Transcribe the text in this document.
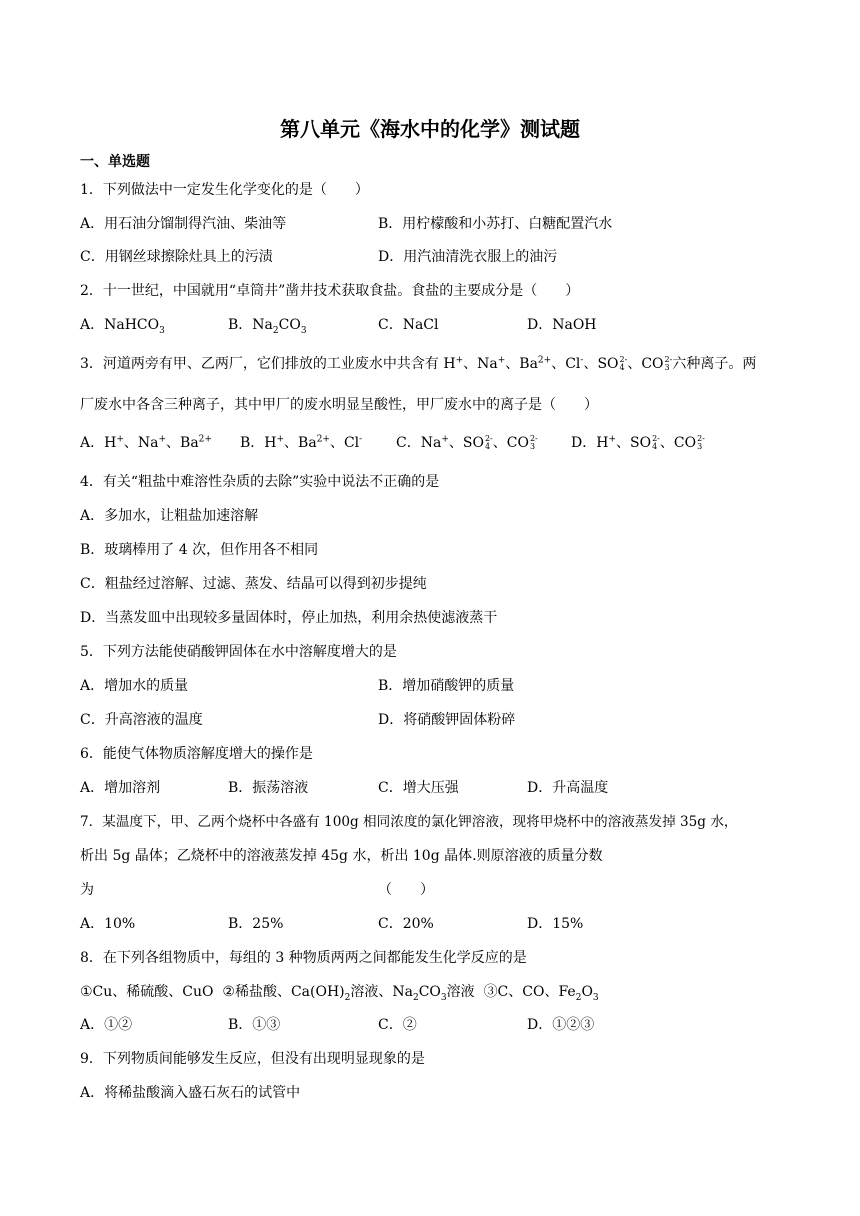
第八单元《海水中的化学》测试题
一、单选题
1．下列做法中一定发生化学变化的是（　　）
A．用石油分馏制得汽油、柴油等	B．用柠檬酸和小苏打、白糖配置汽水
C．用钢丝球擦除灶具上的污渍	D．用汽油清洗衣服上的油污
2．十一世纪，中国就用“卓筒井”凿井技术获取食盐。食盐的主要成分是（　　）
A．NaHCO$_3$	B．$Na_2CO_3$	C．NaCl	D．NaOH
3．河道两旁有甲、乙两厂，它们排放的工业废水中共含有 H+、Na+、$Ba^{2+}$、Cl-、SO 2-
4 、CO 2-
3 六种离子。两
厂废水中各含三种离子，其中甲厂的废水明显呈酸性，甲厂废水中的离子是（　　）
A．H+、Na+、$Ba^{2+}$ B．H+、$Ba^{2+}$、Cl- C．Na+、SO 2-
4 、CO 2-
3	D．H+、SO 2-
4 、CO 2-
3
4．有关“粗盐中难溶性杂质的去除”实验中说法不正确的是
A．多加水，让粗盐加速溶解
B．玻璃棒用了 4 次，但作用各不相同
C．粗盐经过溶解、过滤、蒸发、结晶可以得到初步提纯
D．当蒸发皿中出现较多量固体时，停止加热，利用余热使滤液蒸干
5．下列方法能使硝酸钾固体在水中溶解度增大的是
A．增加水的质量	B．增加硝酸钾的质量
C．升高溶液的温度	D．将硝酸钾固体粉碎
6．能使气体物质溶解度增大的操作是
A．增加溶剂	B．振荡溶液	C．增大压强	D．升高温度
7．某温度下，甲、乙两个烧杯中各盛有 100g 相同浓度的氯化钾溶液，现将甲烧杯中的溶液蒸发掉 35g 水，
析出 5g 晶体；乙烧杯中的溶液蒸发掉 45g 水，析出 10g 晶体.则原溶液的质量分数
为	（　　）
A．10%	B．25%	C．20%	D．15%
8．在下列各组物质中，每组的 3 种物质两两之间都能发生化学反应的是
①Cu、稀硫酸、CuO ②稀盐酸、$Ca(OH)_2$溶液、$Na_2CO_3$溶液 ③C、CO、$Fe_2O_3$
A．①②	B．①③	C．②	D．①②③
9．下列物质间能够发生反应，但没有出现明显现象的是
A．将稀盐酸滴入盛石灰石的试管中
